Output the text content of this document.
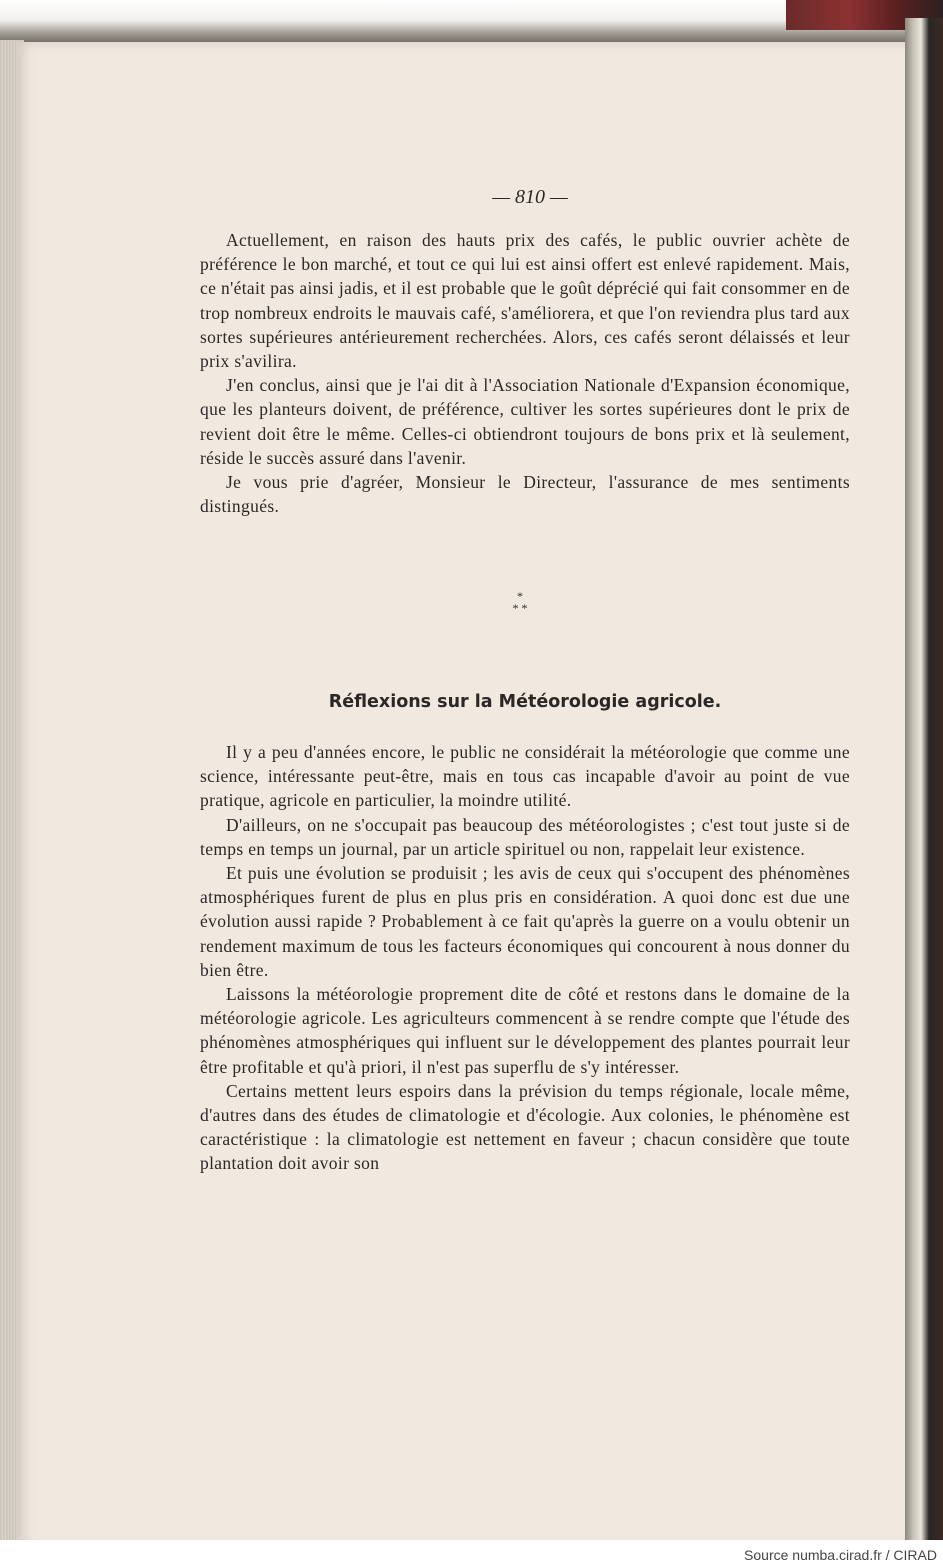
— 810 —

Actuellement, en raison des hauts prix des cafés, le public ouvrier achète de préférence le bon marché, et tout ce qui lui est ainsi offert est enlevé rapidement. Mais, ce n'était pas ainsi jadis, et il est probable que le goût déprécié qui fait consommer en de trop nombreux endroits le mauvais café, s'améliorera, et que l'on reviendra plus tard aux sortes supérieures antérieurement recherchées. Alors, ces cafés seront délaissés et leur prix s'avilira.

J'en conclus, ainsi que je l'ai dit à l'Association Nationale d'Expansion économique, que les planteurs doivent, de préférence, cultiver les sortes supérieures dont le prix de revient doit être le même. Celles-ci obtiendront toujours de bons prix et là seulement, réside le succès assuré dans l'avenir.

Je vous prie d'agréer, Monsieur le Directeur, l'assurance de mes sentiments distingués.

*
* *
Réflexions sur la Météorologie agricole.

Il y a peu d'années encore, le public ne considérait la météorologie que comme une science, intéressante peut-être, mais en tous cas incapable d'avoir au point de vue pratique, agricole en particulier, la moindre utilité.

D'ailleurs, on ne s'occupait pas beaucoup des météorologistes ; c'est tout juste si de temps en temps un journal, par un article spirituel ou non, rappelait leur existence.

Et puis une évolution se produisit ; les avis de ceux qui s'occupent des phénomènes atmosphériques furent de plus en plus pris en considération. A quoi donc est due une évolution aussi rapide ? Probablement à ce fait qu'après la guerre on a voulu obtenir un rendement maximum de tous les facteurs économiques qui concourent à nous donner du bien être.

Laissons la météorologie proprement dite de côté et restons dans le domaine de la météorologie agricole. Les agriculteurs commencent à se rendre compte que l'étude des phénomènes atmosphériques qui influent sur le développement des plantes pourrait leur être profitable et qu'à priori, il n'est pas superflu de s'y intéresser.

Certains mettent leurs espoirs dans la prévision du temps régionale, locale même, d'autres dans des études de climatologie et d'écologie. Aux colonies, le phénomène est caractéristique : la climatologie est nettement en faveur ; chacun considère que toute plantation doit avoir son

Source numba.cirad.fr / CIRAD
